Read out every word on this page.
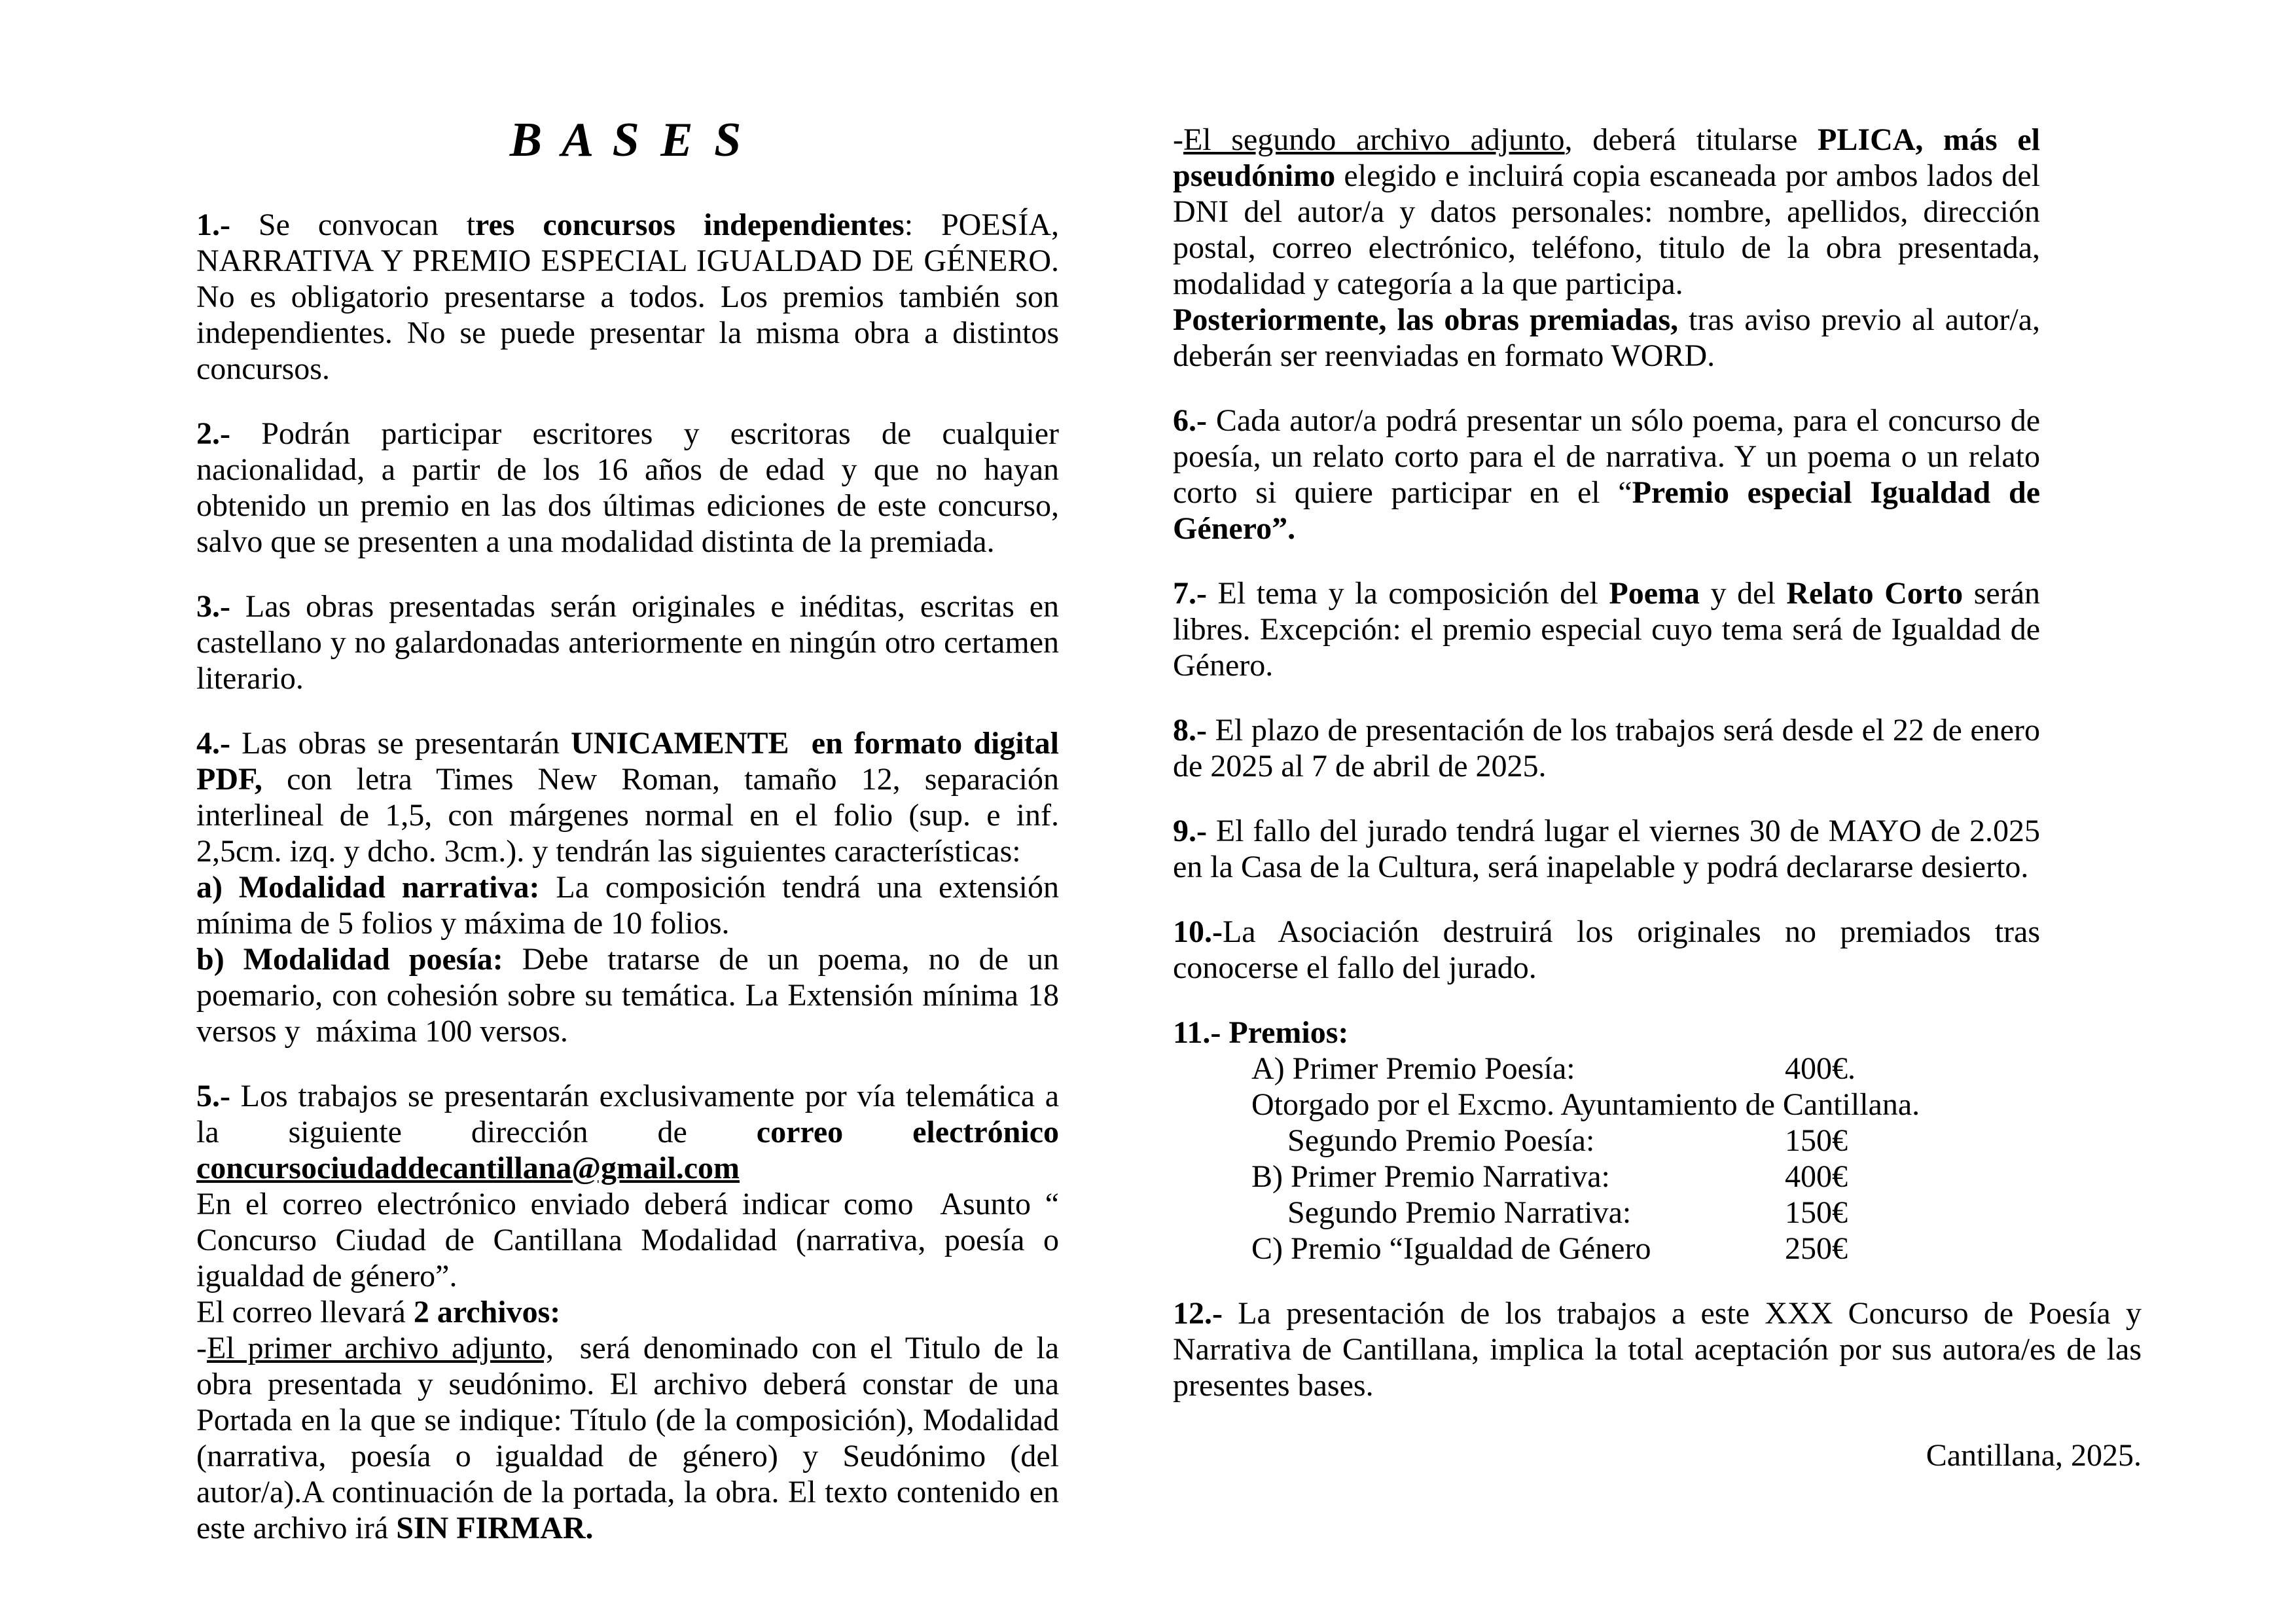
B A S E S

1.- Se convocan tres concursos independientes: POESÍA, NARRATIVA Y PREMIO ESPECIAL IGUALDAD DE GÉNERO. No es obligatorio presentarse a todos. Los premios también son independientes. No se puede presentar la misma obra a distintos concursos.

2.- Podrán participar escritores y escritoras de cualquier nacionalidad, a partir de los 16 años de edad y que no hayan obtenido un premio en las dos últimas ediciones de este concurso, salvo que se presenten a una modalidad distinta de la premiada.

3.- Las obras presentadas serán originales e inéditas, escritas en castellano y no galardonadas anteriormente en ningún otro certamen literario.

4.- Las obras se presentarán UNICAMENTE  en formato digital PDF, con letra Times New Roman, tamaño 12, separación interlineal de 1,5, con márgenes normal en el folio (sup. e inf. 2,5cm. izq. y dcho. 3cm.). y tendrán las siguientes características:

a) Modalidad narrativa: La composición tendrá una extensión mínima de 5 folios y máxima de 10 folios.

b) Modalidad poesía: Debe tratarse de un poema, no de un poemario, con cohesión sobre su temática. La Extensión mínima 18 versos y  máxima 100 versos.

5.- Los trabajos se presentarán exclusivamente por vía telemática a la siguiente dirección de correo electrónico concursociudaddecantillana@gmail.com

En el correo electrónico enviado deberá indicar como  Asunto “ Concurso Ciudad de Cantillana Modalidad (narrativa, poesía o igualdad de género”.

El correo llevará 2 archivos:

-El primer archivo adjunto,  será denominado con el Titulo de la obra presentada y seudónimo. El archivo deberá constar de una Portada en la que se indique: Título (de la composición), Modalidad (narrativa, poesía o igualdad de género) y Seudónimo (del autor/a).A continuación de la portada, la obra. El texto contenido en este archivo irá SIN FIRMAR.

-El segundo archivo adjunto, deberá titularse PLICA, más el pseudónimo elegido e incluirá copia escaneada por ambos lados del DNI del autor/a y datos personales: nombre, apellidos, dirección postal, correo electrónico, teléfono, titulo de la obra presentada, modalidad y categoría a la que participa.

Posteriormente, las obras premiadas, tras aviso previo al autor/a, deberán ser reenviadas en formato WORD.

6.- Cada autor/a podrá presentar un sólo poema, para el concurso de poesía, un relato corto para el de narrativa. Y un poema o un relato corto si quiere participar en el “Premio especial Igualdad de Género”.

7.- El tema y la composición del Poema y del Relato Corto serán libres. Excepción: el premio especial cuyo tema será de Igualdad de Género.

8.- El plazo de presentación de los trabajos será desde el 22 de enero de 2025 al 7 de abril de 2025.

9.- El fallo del jurado tendrá lugar el viernes 30 de MAYO de 2.025 en la Casa de la Cultura, será inapelable y podrá declararse desierto.

10.-La Asociación destruirá los originales no premiados tras conocerse el fallo del jurado.

11.- Premios:

A) Primer Premio Poesía:	400€.

Otorgado por el Excmo. Ayuntamiento de Cantillana.

Segundo Premio Poesía:	150€

B) Primer Premio Narrativa:	400€

Segundo Premio Narrativa:	150€

C) Premio “Igualdad de Género	250€

12.- La presentación de los trabajos a este XXX Concurso de Poesía y Narrativa de Cantillana, implica la total aceptación por sus autora/es de las presentes bases.

Cantillana, 2025.
